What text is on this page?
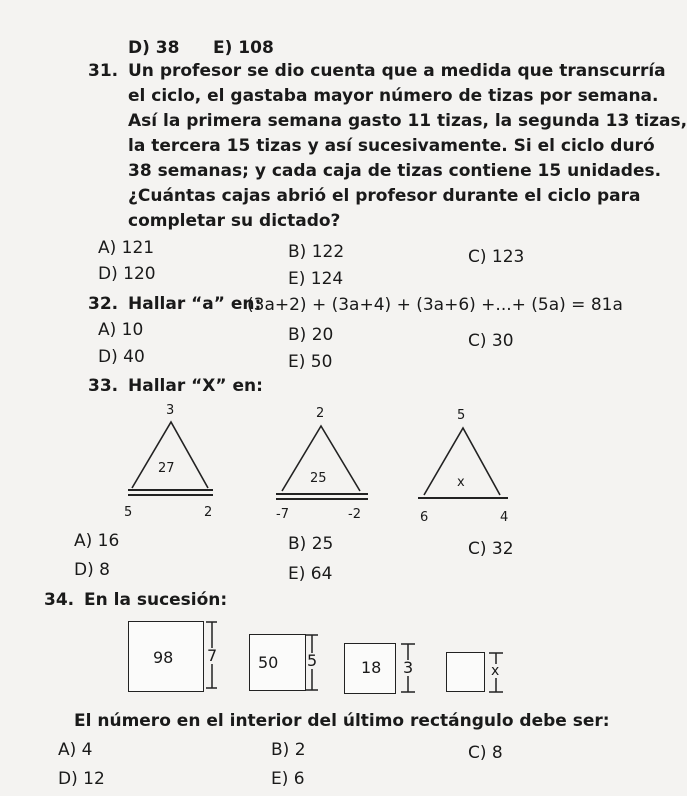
D) 38 E) 108
31. Un profesor se dio cuenta que a medida que transcurría
el ciclo, el gastaba mayor número de tizas por semana.
Así la primera semana gasto 11 tizas, la segunda 13 tizas,
la tercera 15 tizas y así sucesivamente. Si el ciclo duró
38 semanas; y cada caja de tizas contiene 15 unidades.
¿Cuántas cajas abrió el profesor durante el ciclo para
completar su dictado?
A) 121	B) 122	C) 123
D) 120	E) 124
32. Hallar “a” en:
(3a+2) + (3a+4) + (3a+6) +...+ (5a) = 81a
A) 10	B) 20	C) 30
D) 40	E) 50
33. Hallar “X” en:
3
27
5	2
2
25
-7	-2
5
x
6	4
A) 16	B) 25	C) 32
D) 8	E) 64
34. En la sucesión:
98 7	50 5	18 3	x
El número en el interior del último rectángulo debe ser:
A) 4	B) 2	C) 8
D) 12	E) 6
